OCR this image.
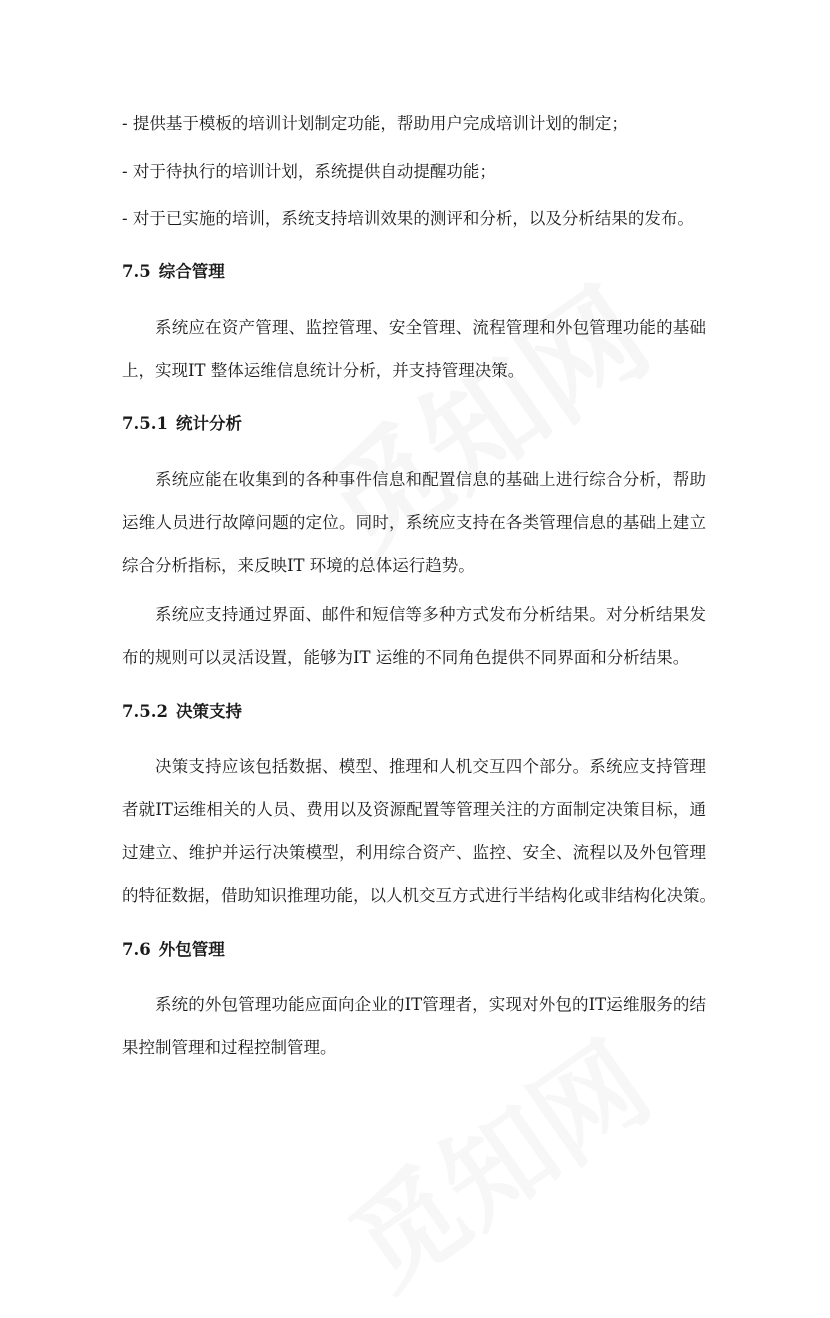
- 提供基于模板的培训计划制定功能，帮助用户完成培训计划的制定；
- 对于待执行的培训计划，系统提供自动提醒功能；
- 对于已实施的培训，系统支持培训效果的测评和分析，以及分析结果的发布。
7.5 综合管理
系统应在资产管理、监控管理、安全管理、流程管理和外包管理功能的基础
上，实现IT 整体运维信息统计分析，并支持管理决策。
7.5.1 统计分析
系统应能在收集到的各种事件信息和配置信息的基础上进行综合分析，帮助
运维人员进行故障问题的定位。同时，系统应支持在各类管理信息的基础上建立
综合分析指标，来反映IT 环境的总体运行趋势。
系统应支持通过界面、邮件和短信等多种方式发布分析结果。对分析结果发
布的规则可以灵活设置，能够为IT 运维的不同角色提供不同界面和分析结果。
7.5.2 决策支持
决策支持应该包括数据、模型、推理和人机交互四个部分。系统应支持管理
者就IT运维相关的人员、费用以及资源配置等管理关注的方面制定决策目标，通
过建立、维护并运行决策模型，利用综合资产、监控、安全、流程以及外包管理
的特征数据，借助知识推理功能，以人机交互方式进行半结构化或非结构化决策。
7.6 外包管理
系统的外包管理功能应面向企业的IT管理者，实现对外包的IT运维服务的结
果控制管理和过程控制管理。
